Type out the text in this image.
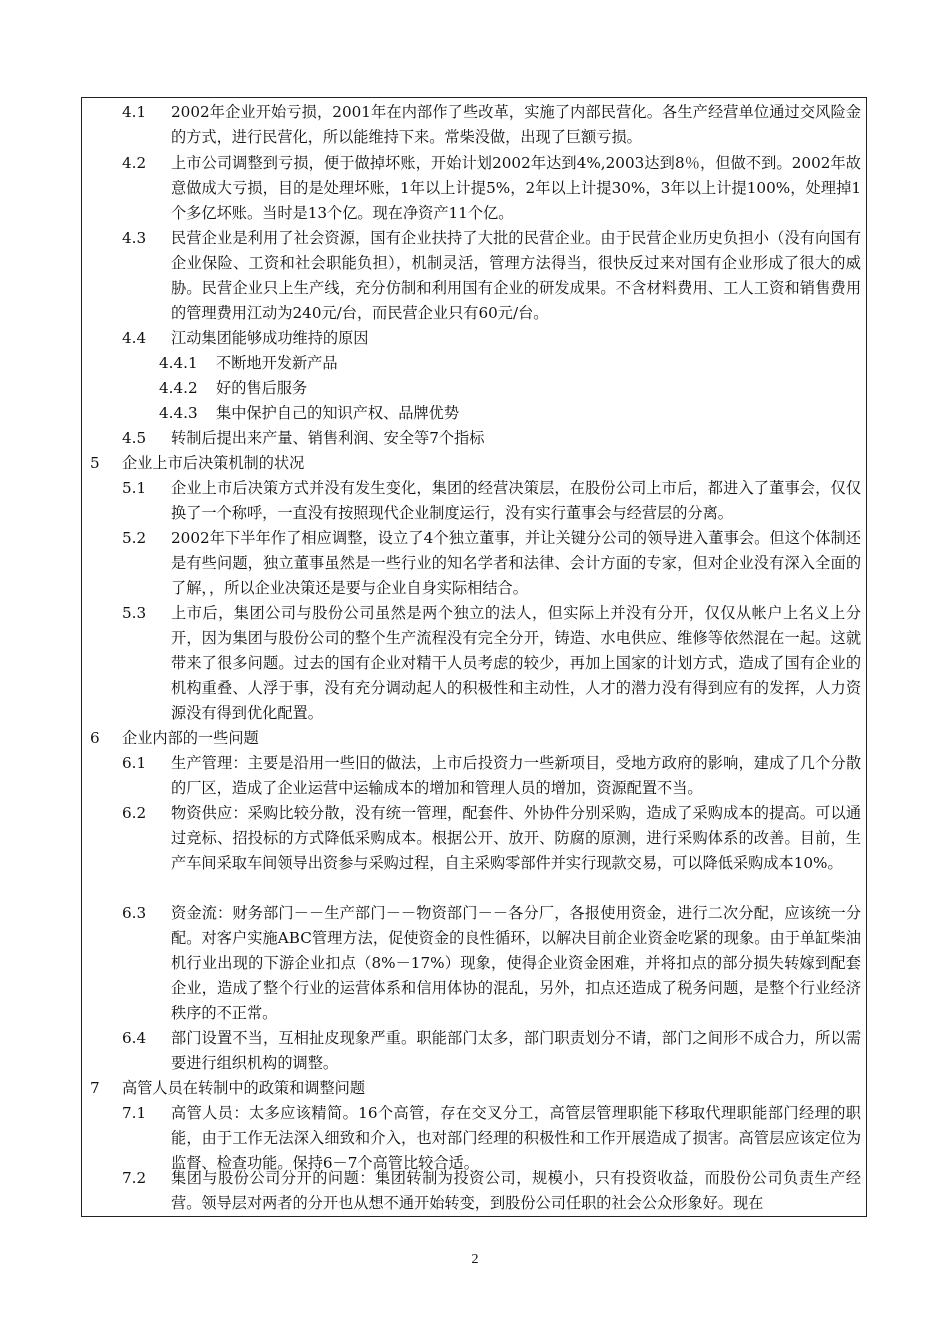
4.1 2002年企业开始亏损，2001年在内部作了些改革，实施了内部民营化。各生产经营单位通过交风险金的方式，进行民营化，所以能维持下来。常柴没做，出现了巨额亏损。
4.2 上市公司调整到亏损，便于做掉坏账，开始计划2002年达到4%,2003达到8％，但做不到。2002年故意做成大亏损，目的是处理坏账，1年以上计提5%，2年以上计提30%，3年以上计提100%，处理掉1个多亿坏账。当时是13个亿。现在净资产11个亿。
4.3 民营企业是利用了社会资源，国有企业扶持了大批的民营企业。由于民营企业历史负担小（没有向国有企业保险、工资和社会职能负担），机制灵活，管理方法得当，很快反过来对国有企业形成了很大的威胁。民营企业只上生产线，充分仿制和利用国有企业的研发成果。不含材料费用、工人工资和销售费用的管理费用江动为240元/台，而民营企业只有60元/台。
4.4 江动集团能够成功维持的原因
4.4.1 不断地开发新产品
4.4.2 好的售后服务
4.4.3 集中保护自己的知识产权、品牌优势
4.5 转制后提出来产量、销售利润、安全等7个指标
5 企业上市后决策机制的状况
5.1 企业上市后决策方式并没有发生变化，集团的经营决策层，在股份公司上市后，都进入了董事会，仅仅换了一个称呼，一直没有按照现代企业制度运行，没有实行董事会与经营层的分离。
5.2 2002年下半年作了相应调整，设立了4个独立董事，并让关键分公司的领导进入董事会。但这个体制还是有些问题，独立董事虽然是一些行业的知名学者和法律、会计方面的专家，但对企业没有深入全面的了解，，所以企业决策还是要与企业自身实际相结合。
5.3 上市后，集团公司与股份公司虽然是两个独立的法人，但实际上并没有分开，仅仅从帐户上名义上分开，因为集团与股份公司的整个生产流程没有完全分开，铸造、水电供应、维修等依然混在一起。这就带来了很多问题。过去的国有企业对精干人员考虑的较少，再加上国家的计划方式，造成了国有企业的机构重叠、人浮于事，没有充分调动起人的积极性和主动性，人才的潜力没有得到应有的发挥，人力资源没有得到优化配置。
6 企业内部的一些问题
6.1 生产管理：主要是沿用一些旧的做法，上市后投资力一些新项目，受地方政府的影响，建成了几个分散的厂区，造成了企业运营中运输成本的增加和管理人员的增加，资源配置不当。
6.2 物资供应：采购比较分散，没有统一管理，配套件、外协件分别采购，造成了采购成本的提高。可以通过竞标、招投标的方式降低采购成本。根据公开、放开、防腐的原测，进行采购体系的改善。目前，生产车间采取车间领导出资参与采购过程，自主采购零部件并实行现款交易，可以降低采购成本10%。
6.3 资金流：财务部门－－生产部门－－物资部门－－各分厂，各报使用资金，进行二次分配，应该统一分配。对客户实施ABC管理方法，促使资金的良性循环，以解决目前企业资金吃紧的现象。由于单缸柴油机行业出现的下游企业扣点（8%－17%）现象，使得企业资金困难，并将扣点的部分损失转嫁到配套企业，造成了整个行业的运营体系和信用体协的混乱，另外，扣点还造成了税务问题，是整个行业经济秩序的不正常。
6.4 部门设置不当，互相扯皮现象严重。职能部门太多，部门职责划分不请，部门之间形不成合力，所以需要进行组织机构的调整。
7 高管人员在转制中的政策和调整问题
7.1 高管人员：太多应该精简。16个高管，存在交叉分工，高管层管理职能下移取代理职能部门经理的职能，由于工作无法深入细致和介入，也对部门经理的积极性和工作开展造成了损害。高管层应该定位为监督、检查功能。保持6－7个高管比较合适。
7.2 集团与股份公司分开的问题：集团转制为投资公司，规模小，只有投资收益，而股份公司负责生产经营。领导层对两者的分开也从想不通开始转变，到股份公司任职的社会公众形象好。现在
2
